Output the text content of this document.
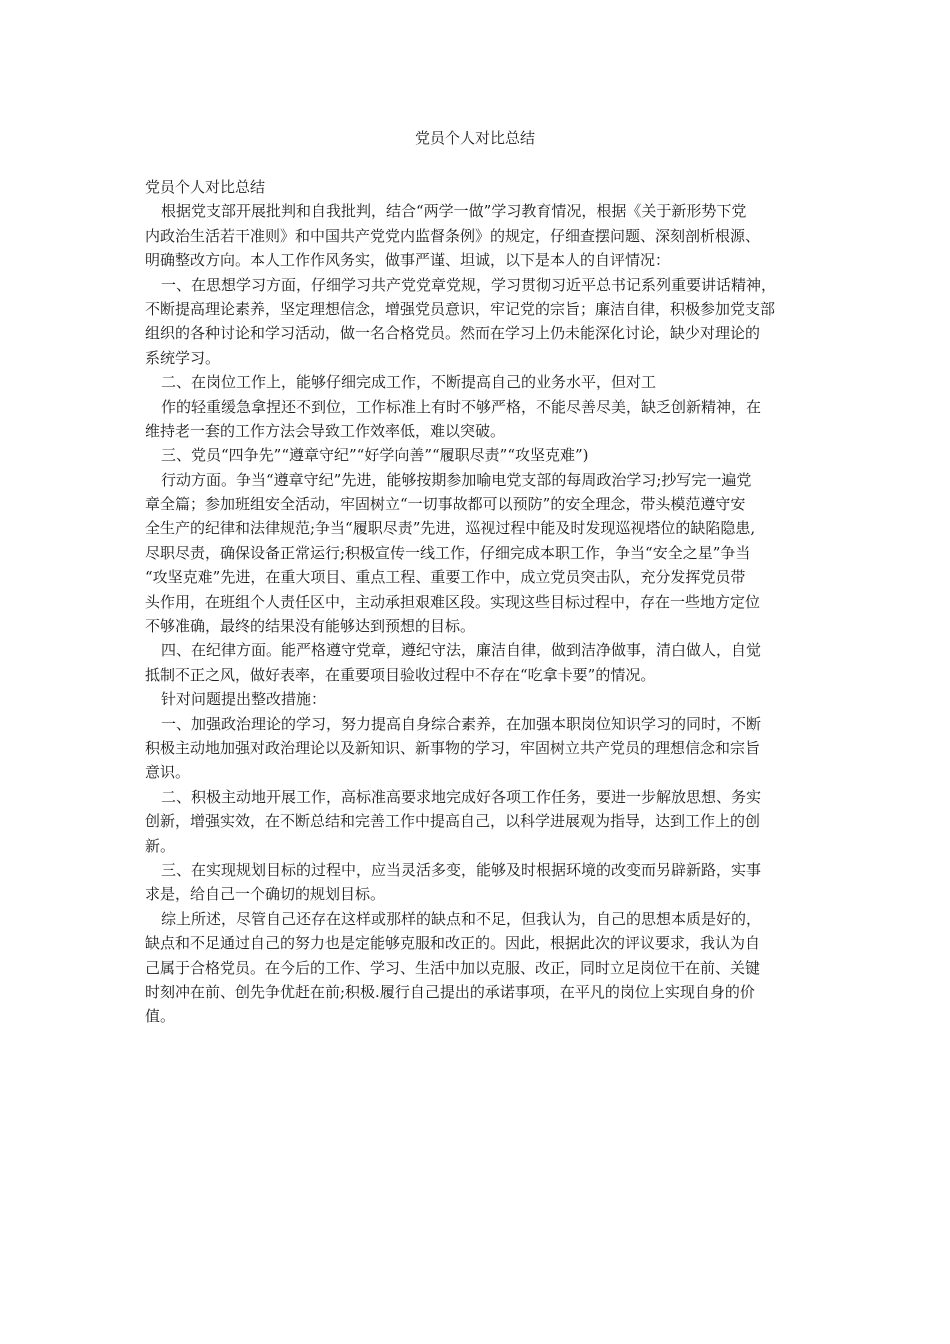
党员个人对比总结
党员个人对比总结
根据党支部开展批判和自我批判，结合“两学一做”学习教育情况，根据《关于新形势下党
内政治生活若干准则》和中国共产党党内监督条例》的规定，仔细查摆问题、深刻剖析根源、
明确整改方向。本人工作作风务实，做事严谨、坦诚，以下是本人的自评情况：
一、在思想学习方面，仔细学习共产党党章党规，学习贯彻习近平总书记系列重要讲话精神，
不断提高理论素养，坚定理想信念，增强党员意识，牢记党的宗旨；廉洁自律，积极参加党支部
组织的各种讨论和学习活动，做一名合格党员。然而在学习上仍未能深化讨论，缺少对理论的
系统学习。
二、在岗位工作上，能够仔细完成工作，不断提高自己的业务水平，但对工
作的轻重缓急拿捏还不到位，工作标准上有时不够严格，不能尽善尽美，缺乏创新精神，在
维持老一套的工作方法会导致工作效率低，难以突破。
三、党员“四争先”“遵章守纪”“好学向善”“履职尽责”“攻坚克难”)
行动方面。争当“遵章守纪”先进，能够按期参加喻电党支部的每周政治学习;抄写完一遍党
章全篇；参加班组安全活动，牢固树立“一切事故都可以预防”的安全理念，带头模范遵守安
全生产的纪律和法律规范;争当“履职尽责”先进，巡视过程中能及时发现巡视塔位的缺陷隐患,
尽职尽责，确保设备正常运行;积极宣传一线工作，仔细完成本职工作，争当“安全之星”争当
“攻坚克难”先进，在重大项目、重点工程、重要工作中，成立党员突击队，充分发挥党员带
头作用，在班组个人责任区中，主动承担艰难区段。实现这些目标过程中，存在一些地方定位
不够准确，最终的结果没有能够达到预想的目标。
四、在纪律方面。能严格遵守党章，遵纪守法，廉洁自律，做到洁净做事，清白做人，自觉
抵制不正之风，做好表率，在重要项目验收过程中不存在“吃拿卡要”的情况。
针对问题提出整改措施：
一、加强政治理论的学习，努力提高自身综合素养，在加强本职岗位知识学习的同时，不断
积极主动地加强对政治理论以及新知识、新事物的学习，牢固树立共产党员的理想信念和宗旨
意识。
二、积极主动地开展工作，高标准高要求地完成好各项工作任务，要进一步解放思想、务实
创新，增强实效，在不断总结和完善工作中提高自己，以科学进展观为指导，达到工作上的创
新。
三、在实现规划目标的过程中，应当灵活多变，能够及时根据环境的改变而另辟新路，实事
求是，给自己一个确切的规划目标。
综上所述，尽管自己还存在这样或那样的缺点和不足，但我认为，自己的思想本质是好的，
缺点和不足通过自己的努力也是定能够克服和改正的。因此，根据此次的评议要求，我认为自
己属于合格党员。在今后的工作、学习、生活中加以克服、改正，同时立足岗位干在前、关键
时刻冲在前、创先争优赶在前;积极.履行自己提出的承诺事项，在平凡的岗位上实现自身的价
值。
